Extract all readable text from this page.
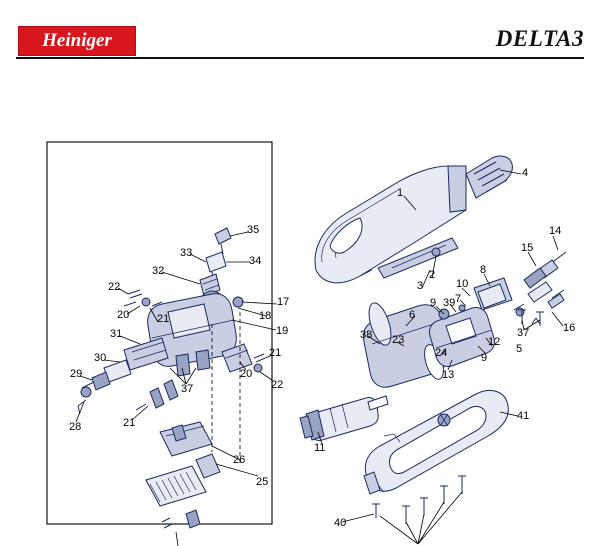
Heiniger	DELTA3
1
2
3
4
5
6
7
8
9
9
10
11
12
13
14
15
16
17
18
19
20
20
21
21
21
22
22
23
24
25
26
28
29
30
31
32
33
34
35
37
37
38
39
40
41
